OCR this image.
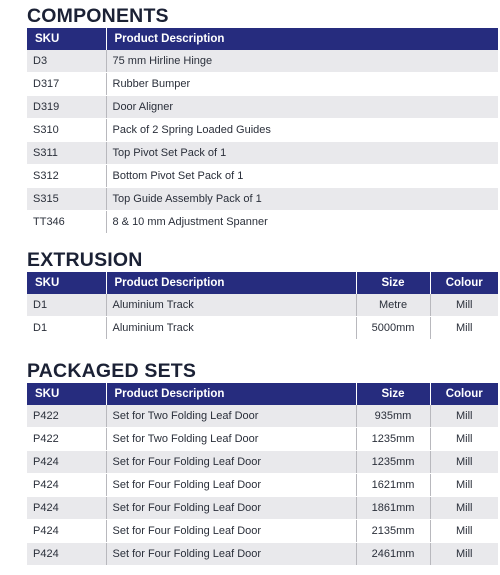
COMPONENTS
SKU	Product Description
D3	75 mm Hirline Hinge
D317	Rubber Bumper
D319	Door Aligner
S310	Pack of 2 Spring Loaded Guides
S311	Top Pivot Set Pack of 1
S312	Bottom Pivot Set Pack of 1
S315	Top Guide Assembly Pack of 1
TT346	8 & 10 mm Adjustment Spanner
EXTRUSION
SKU	Product Description	Size	Colour
D1	Aluminium Track	Metre	Mill
D1	Aluminium Track	5000mm	Mill
PACKAGED SETS
SKU	Product Description	Size	Colour
P422	Set for Two Folding Leaf Door	935mm	Mill
P422	Set for Two Folding Leaf Door	1235mm	Mill
P424	Set for Four Folding Leaf Door	1235mm	Mill
P424	Set for Four Folding Leaf Door	1621mm	Mill
P424	Set for Four Folding Leaf Door	1861mm	Mill
P424	Set for Four Folding Leaf Door	2135mm	Mill
P424	Set for Four Folding Leaf Door	2461mm	Mill
